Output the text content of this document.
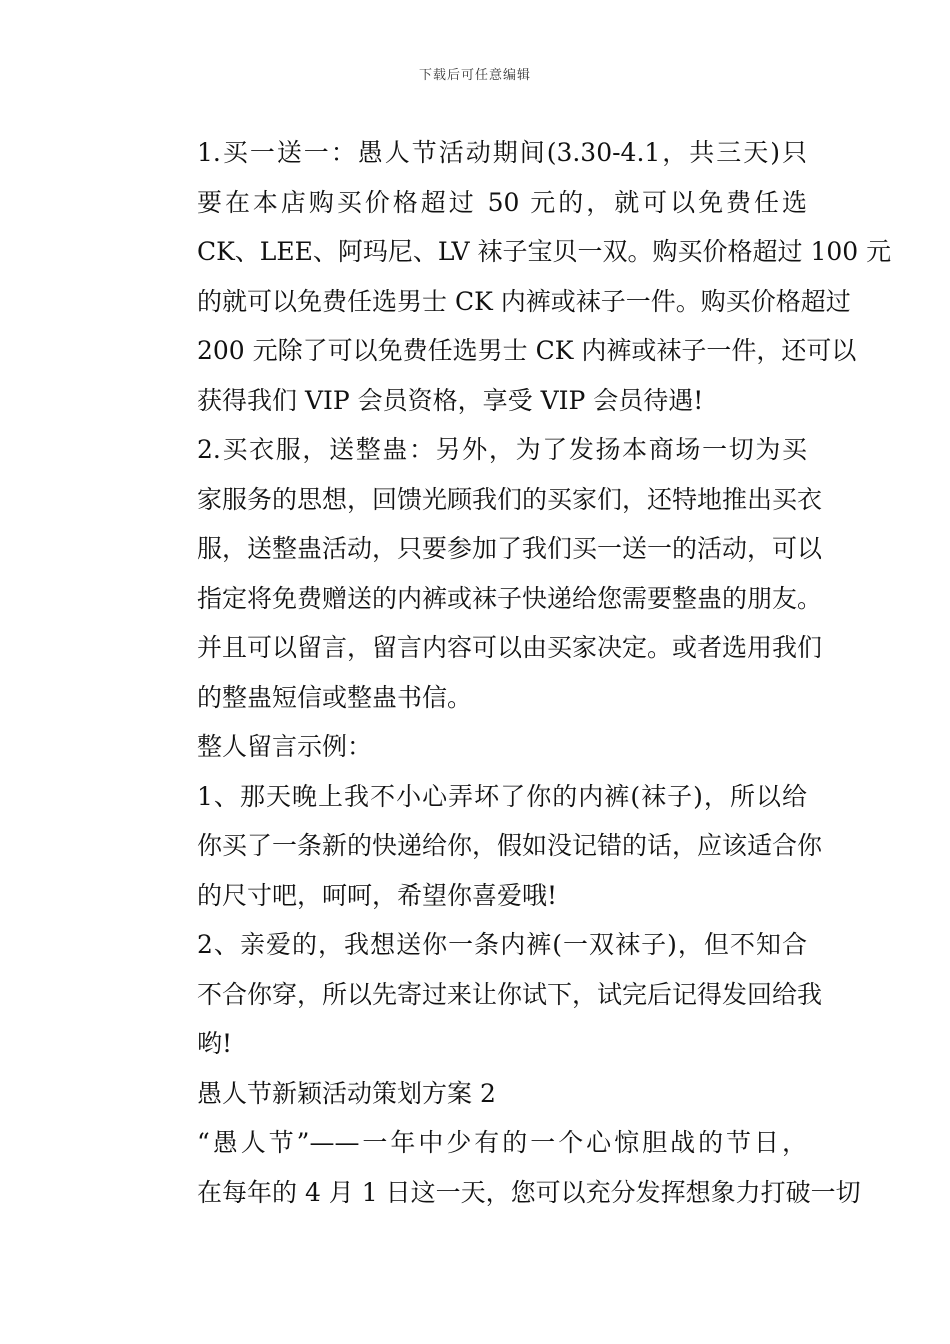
下载后可任意编辑

1.买一送一：愚人节活动期间(3.30-4.1，共三天)只
要在本店购买价格超过 50 元的，就可以免费任选
CK、LEE、阿玛尼、LV 袜子宝贝一双。购买价格超过 100 元
的就可以免费任选男士 CK 内裤或袜子一件。购买价格超过
200 元除了可以免费任选男士 CK 内裤或袜子一件，还可以
获得我们 VIP 会员资格，享受 VIP 会员待遇!

2.买衣服，送整蛊：另外，为了发扬本商场一切为买
家服务的思想，回馈光顾我们的买家们，还特地推出买衣
服，送整蛊活动，只要参加了我们买一送一的活动，可以
指定将免费赠送的内裤或袜子快递给您需要整蛊的朋友。
并且可以留言，留言内容可以由买家决定。或者选用我们
的整蛊短信或整蛊书信。

整人留言示例：

1、那天晚上我不小心弄坏了你的内裤(袜子)，所以给
你买了一条新的快递给你，假如没记错的话，应该适合你
的尺寸吧，呵呵，希望你喜爱哦!

2、亲爱的，我想送你一条内裤(一双袜子)，但不知合
不合你穿，所以先寄过来让你试下，试完后记得发回给我
哟!

愚人节新颖活动策划方案 2

“愚人节”——一年中少有的一个心惊胆战的节日，
在每年的 4 月 1 日这一天，您可以充分发挥想象力打破一切
